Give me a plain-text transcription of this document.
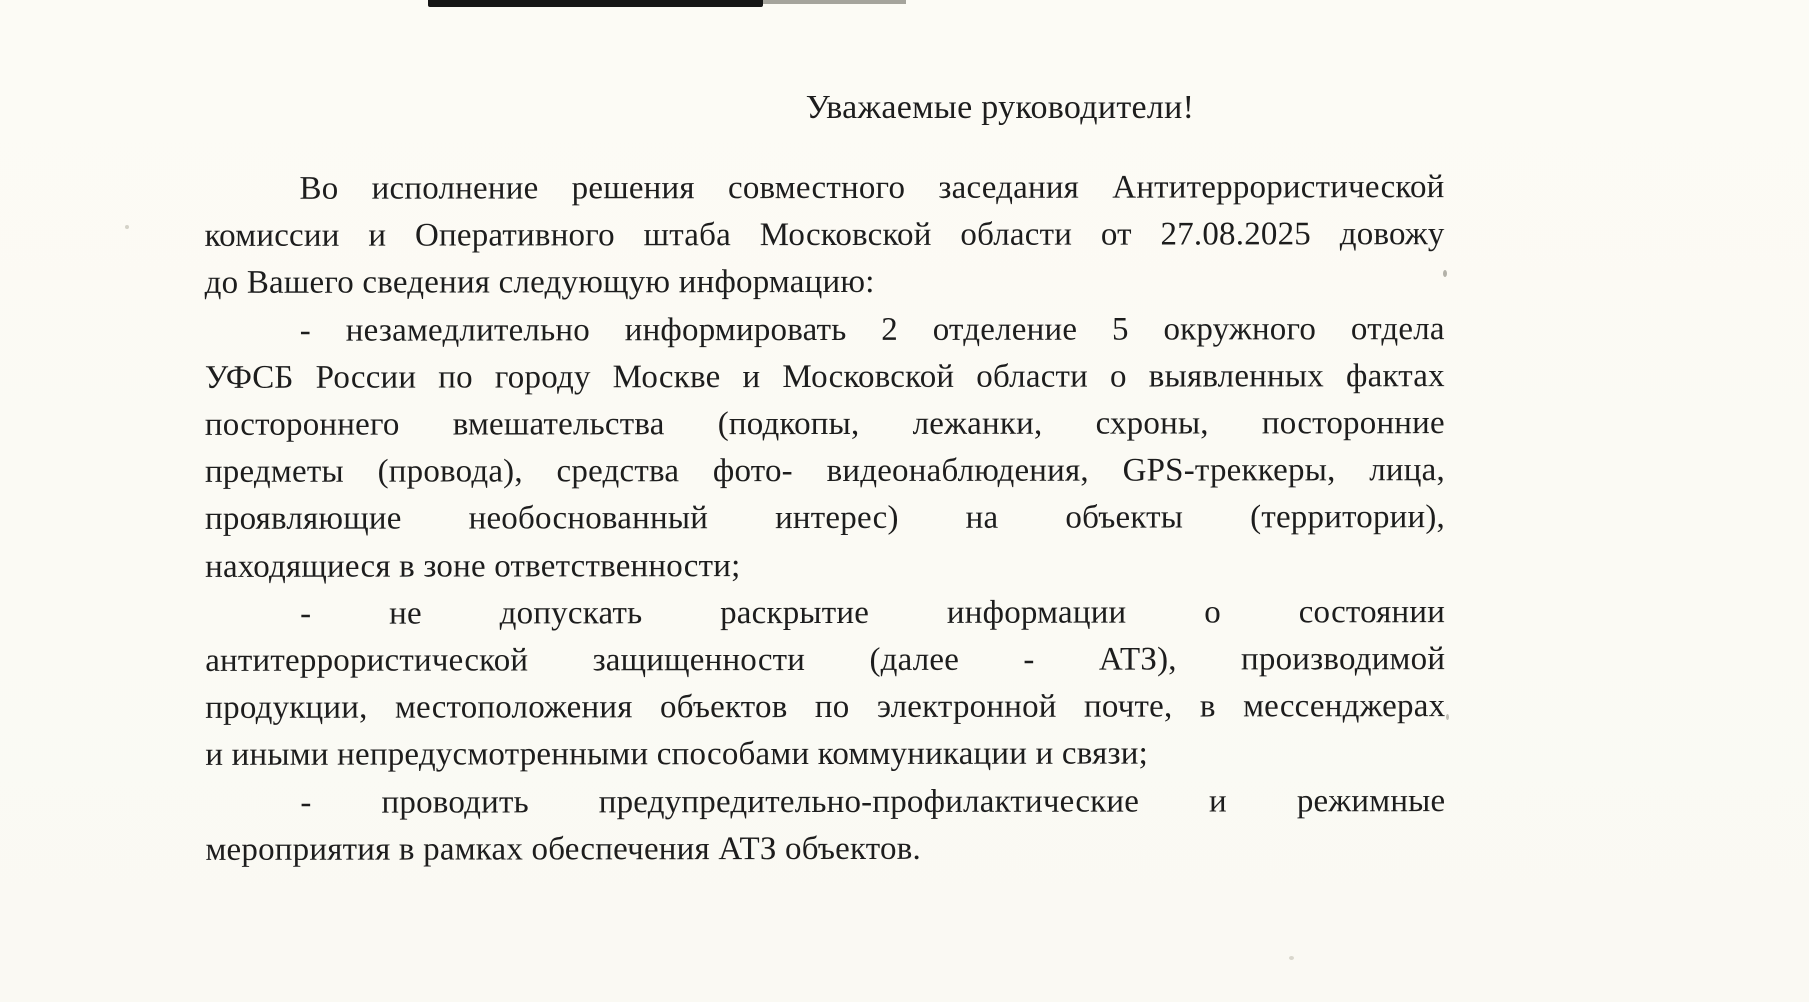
Уважаемые руководители!
Во исполнение решения совместного заседания Антитеррористической
комиссии и Оперативного штаба Московской области от 27.08.2025 довожу
до Вашего сведения следующую информацию:
- незамедлительно информировать 2 отделение 5 окружного отдела
УФСБ России по городу Москве и Московской области о выявленных фактах
постороннего вмешательства (подкопы, лежанки, схроны, посторонние
предметы (провода), средства фото- видеонаблюдения, GPS-треккеры, лица,
проявляющие необоснованный интерес) на объекты (территории),
находящиеся в зоне ответственности;
- не допускать раскрытие информации о состоянии
антитеррористической защищенности (далее - АТЗ), производимой
продукции, местоположения объектов по электронной почте, в мессенджерах
и иными непредусмотренными способами коммуникации и связи;
- проводить предупредительно-профилактические и режимные
мероприятия в рамках обеспечения АТЗ объектов.
